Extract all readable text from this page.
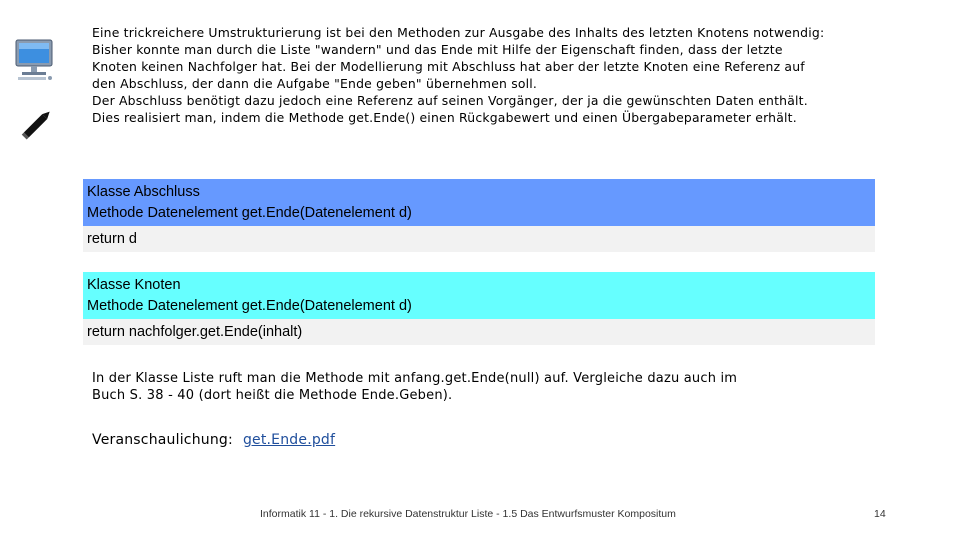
Eine trickreichere Umstrukturierung ist bei den Methoden zur Ausgabe des Inhalts des letzten Knotens notwendig:

Bisher konnte man durch die Liste "wandern" und das Ende mit Hilfe der Eigenschaft finden, dass der letzte

Knoten keinen Nachfolger hat. Bei der Modellierung mit Abschluss hat aber der letzte Knoten eine Referenz auf

den Abschluss, der dann die Aufgabe "Ende geben" übernehmen soll.

Der Abschluss benötigt dazu jedoch eine Referenz auf seinen Vorgänger, der ja die gewünschten Daten enthält.

Dies realisiert man, indem die Methode get.Ende() einen Rückgabewert und einen Übergabeparameter erhält.

Klasse Abschluss
Methode Datenelement get.Ende(Datenelement d)
return d
Klasse Knoten
Methode Datenelement get.Ende(Datenelement d)
return nachfolger.get.Ende(inhalt)
In der Klasse Liste ruft man die Methode mit anfang.get.Ende(null) auf. Vergleiche dazu auch im
Buch S. 38 - 40 (dort heißt die Methode Ende.Geben).
Veranschaulichung: get.Ende.pdf
Informatik 11 - 1. Die rekursive Datenstruktur Liste - 1.5 Das Entwurfsmuster Kompositum	14
